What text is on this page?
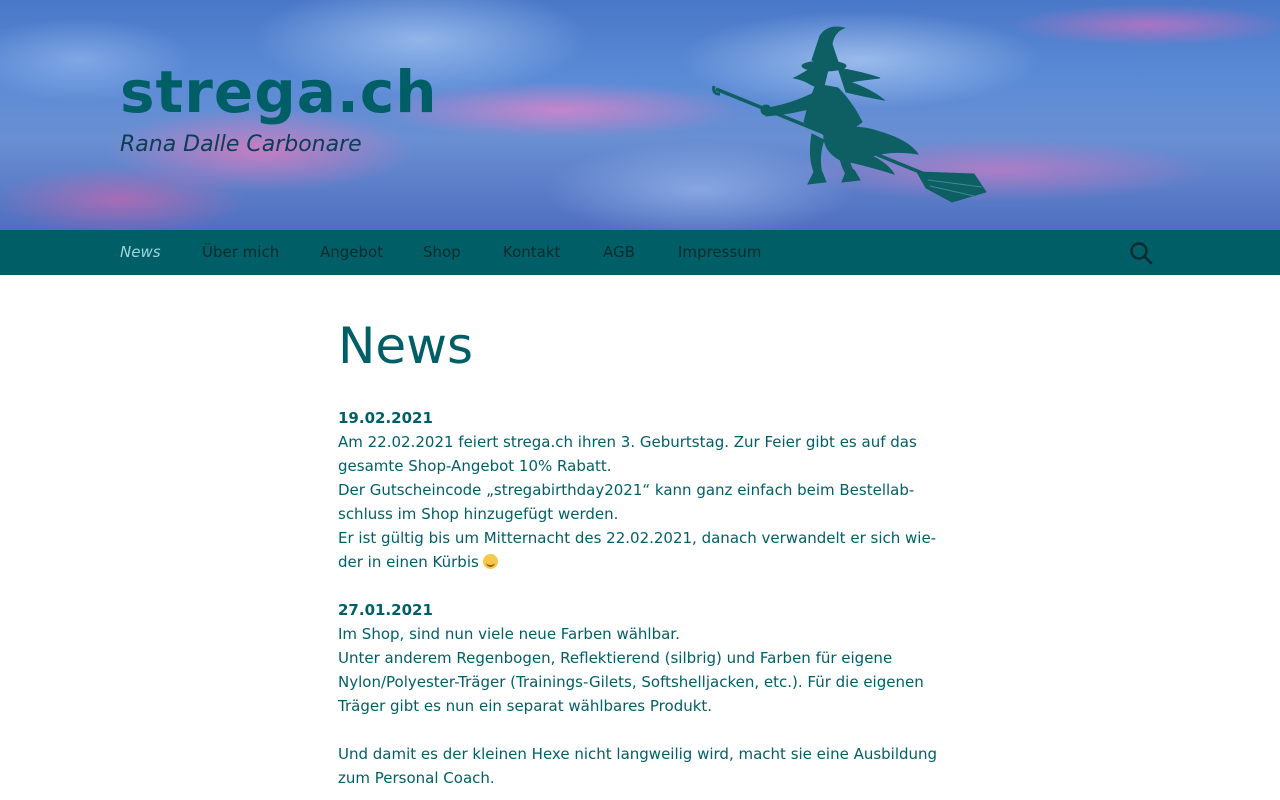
strega.ch

Rana Dalle Carbonare

News	Über mich	Angebot	Shop	Kontakt	AGB	Impressum
News

19.02.2021

Am 22.02.2021 feiert strega.ch ihren 3. Geburtstag. Zur Feier gibt es auf das

gesamte Shop-Angebot 10% Rabatt.

Der Gutscheincode „stregabirthday2021“ kann ganz einfach beim Bestellab-

schluss im Shop hinzugefügt werden.

Er ist gültig bis um Mitternacht des 22.02.2021, danach verwandelt er sich wie-

der in einen Kürbis

27.01.2021

Im Shop, sind nun viele neue Farben wählbar.

Unter anderem Regenbogen, Reflektierend (silbrig) und Farben für eigene

Nylon/Polyester-Träger (Trainings-Gilets, Softshelljacken, etc.). Für die eigenen

Träger gibt es nun ein separat wählbares Produkt.

Und damit es der kleinen Hexe nicht langweilig wird, macht sie eine Ausbildung

zum Personal Coach.
